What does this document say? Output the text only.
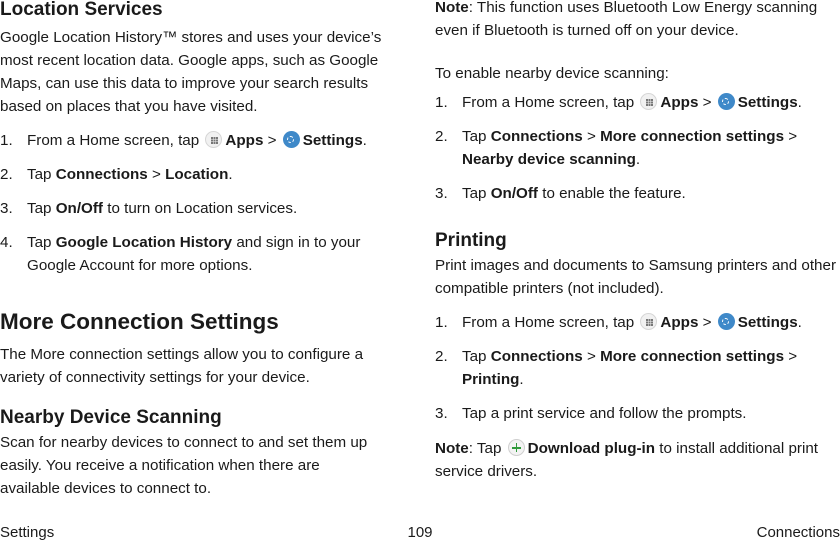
Location Services

Google Location History™ stores and uses your device’s most recent location data. Google apps, such as Google Maps, can use this data to improve your search results based on places that you have visited.

1. From a Home screen, tap Apps > Settings.
2. Tap Connections > Location.
3. Tap On/Off to turn on Location services.
4. Tap Google Location History and sign in to your Google Account for more options.
More Connection Settings

The More connection settings allow you to configure a variety of connectivity settings for your device.

Nearby Device Scanning

Scan for nearby devices to connect to and set them up easily. You receive a notification when there are available devices to connect to.

Note: This function uses Bluetooth Low Energy scanning even if Bluetooth is turned off on your device.

To enable nearby device scanning:

1. From a Home screen, tap Apps > Settings.
2. Tap Connections > More connection settings > Nearby device scanning.
3. Tap On/Off to enable the feature.
Printing

Print images and documents to Samsung printers and other compatible printers (not included).

1. From a Home screen, tap Apps > Settings.
2. Tap Connections > More connection settings > Printing.
3. Tap a print service and follow the prompts.

Note: Tap Download plug-in to install additional print service drivers.

Settings	109	Connections
